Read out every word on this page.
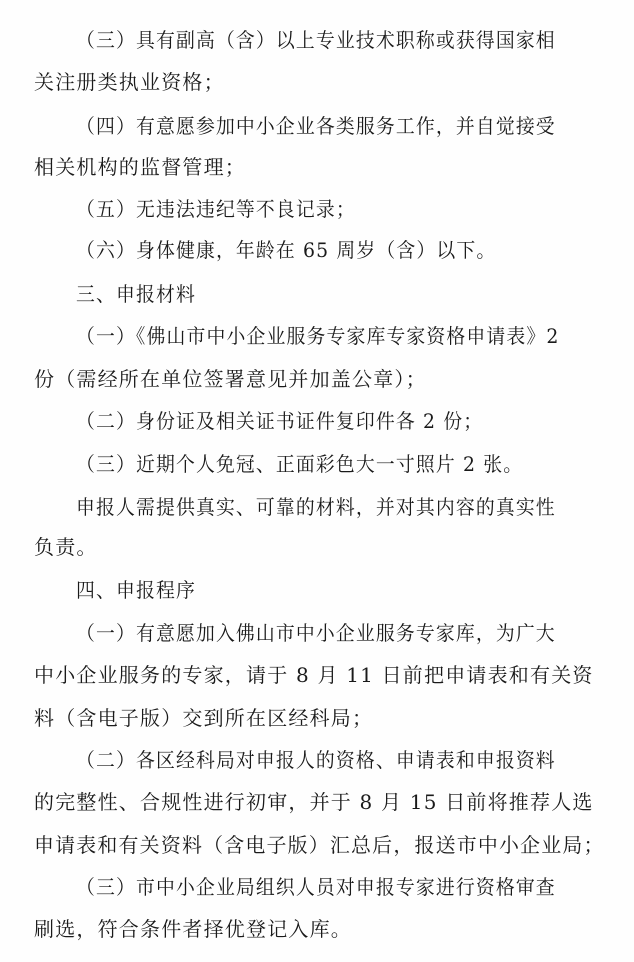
（三）具有副高（含）以上专业技术职称或获得国家相
关注册类执业资格；
（四）有意愿参加中小企业各类服务工作，并自觉接受
相关机构的监督管理；
（五）无违法违纪等不良记录；
（六）身体健康，年龄在 65 周岁（含）以下。
三、申报材料
（一）《佛山市中小企业服务专家库专家资格申请表》2
份（需经所在单位签署意见并加盖公章）；
（二）身份证及相关证书证件复印件各 2 份；
（三）近期个人免冠、正面彩色大一寸照片 2 张。
申报人需提供真实、可靠的材料，并对其内容的真实性
负责。
四、申报程序
（一）有意愿加入佛山市中小企业服务专家库，为广大
中小企业服务的专家，请于 8 月 11 日前把申请表和有关资
料（含电子版）交到所在区经科局；
（二）各区经科局对申报人的资格、申请表和申报资料
的完整性、合规性进行初审，并于 8 月 15 日前将推荐人选
申请表和有关资料（含电子版）汇总后，报送市中小企业局；
（三）市中小企业局组织人员对申报专家进行资格审查
刷选，符合条件者择优登记入库。
